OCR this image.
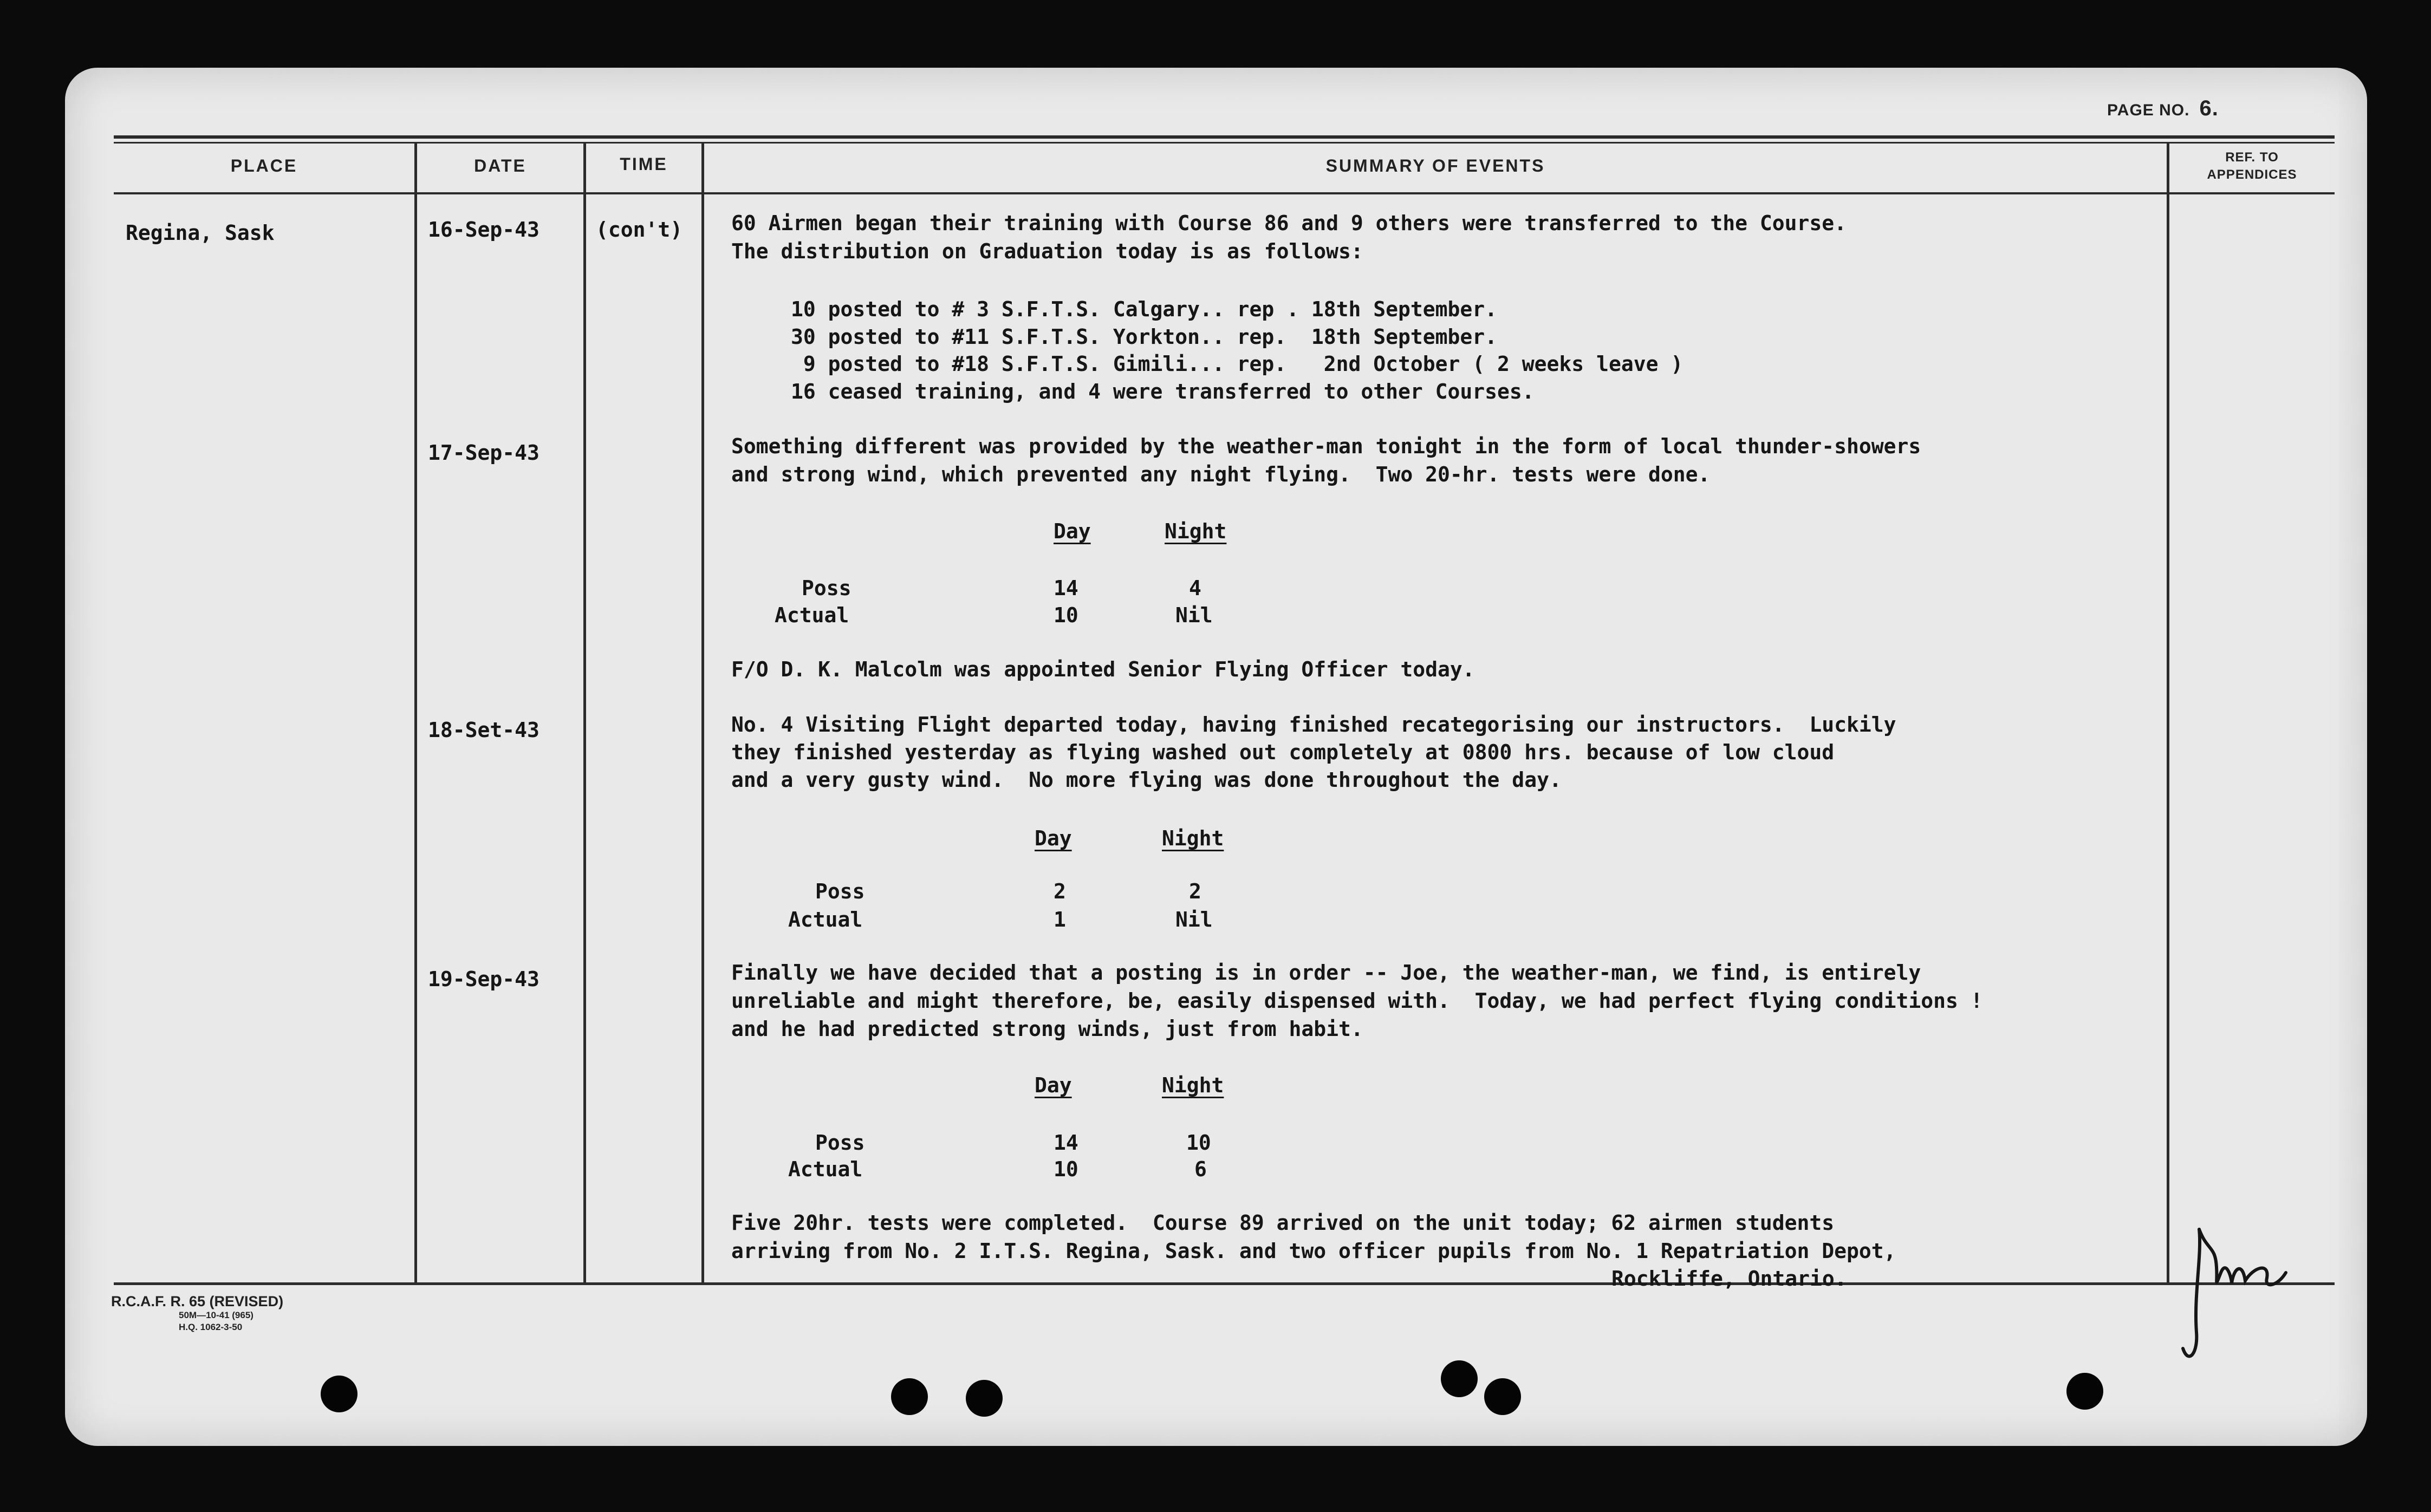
PAGE NO. 6.
PLACE	DATE	TIME	SUMMARY OF EVENTS	REF. TO
APPENDICES
Regina, Sask	16-Sep-43	(con't) 60 Airmen began their training with Course 86 and 9 others were transferred to the Course.
The distribution on Graduation today is as follows:
10 posted to # 3 S.F.T.S. Calgary.. rep . 18th September.
30 posted to #11 S.F.T.S. Yorkton.. rep.  18th September.
9 posted to #18 S.F.T.S. Gimili... rep.   2nd October ( 2 weeks leave )
16 ceased training, and 4 were transferred to other Courses.
17-Sep-43	Something different was provided by the weather-man tonight in the form of local thunder-showers
and strong wind, which prevented any night flying.  Two 20-hr. tests were done.
Day	Night
Poss	14	4
Actual	10	Nil
F/O D. K. Malcolm was appointed Senior Flying Officer today.
18-Set-43	No. 4 Visiting Flight departed today, having finished recategorising our instructors.  Luckily
they finished yesterday as flying washed out completely at 0800 hrs. because of low cloud
and a very gusty wind.  No more flying was done throughout the day.
Day	Night
Poss	2	2
Actual	1	Nil
19-Sep-43	Finally we have decided that a posting is in order -- Joe, the weather-man, we find, is entirely
unreliable and might therefore, be, easily dispensed with.  Today, we had perfect flying conditions !
and he had predicted strong winds, just from habit.
Day	Night
Poss	14	10
Actual	10	6
Five 20hr. tests were completed.  Course 89 arrived on the unit today; 62 airmen students
arriving from No. 2 I.T.S. Regina, Sask. and two officer pupils from No. 1 Repatriation Depot,
Rockliffe, Ontario.
R.C.A.F. R. 65 (REVISED)
50M—10-41 (965)
H.Q. 1062-3-50
